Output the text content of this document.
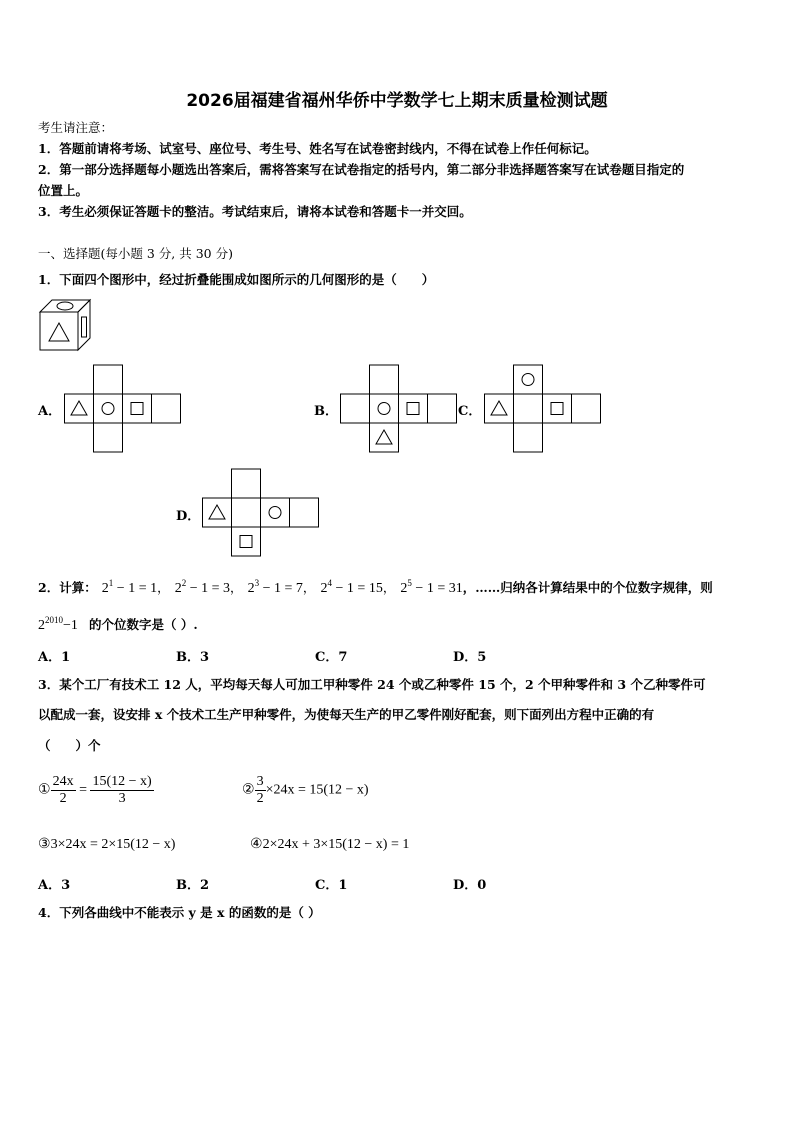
2026届福建省福州华侨中学数学七上期末质量检测试题
考生请注意：
1．答题前请将考场、试室号、座位号、考生号、姓名写在试卷密封线内，不得在试卷上作任何标记。
2．第一部分选择题每小题选出答案后，需将答案写在试卷指定的括号内，第二部分非选择题答案写在试卷题目指定的
位置上。
3．考生必须保证答题卡的整洁。考试结束后，请将本试卷和答题卡一并交回。
一、选择题(每小题 3 分, 共 30 分)
1．下面四个图形中，经过折叠能围成如图所示的几何图形的是（　　）
A．	B．	C．
D．
2．计算： $2^1 - 1 = 1$， $2^2 - 1 = 3$， $2^3 - 1 = 7$， $2^4 - 1 = 15$， $2^5 - 1 = 31$，……归纳各计算结果中的个位数字规律，则
$2^{2010}-1$ 的个位数字是（ ）.
A．1	B．3	C．7	D．5
3．某个工厂有技术工 12 人，平均每天每人可加工甲种零件 24 个或乙种零件 15 个，2 个甲种零件和 3 个乙种零件可
以配成一套，设安排 x 个技术工生产甲种零件，为使每天生产的甲乙零件刚好配套，则下面列出方程中正确的有
（　　）个
① $\frac{24x}{2} = \frac{15(12 - x)}{3}$	② $\frac{3}{2} \times 24x = 15(12 - x)$
③3×24x = 2×15(12 − x)	④2×24x + 3×15(12 − x) = 1
A．3	B．2	C．1	D．0
4．下列各曲线中不能表示 y 是 x 的函数的是（ ）
